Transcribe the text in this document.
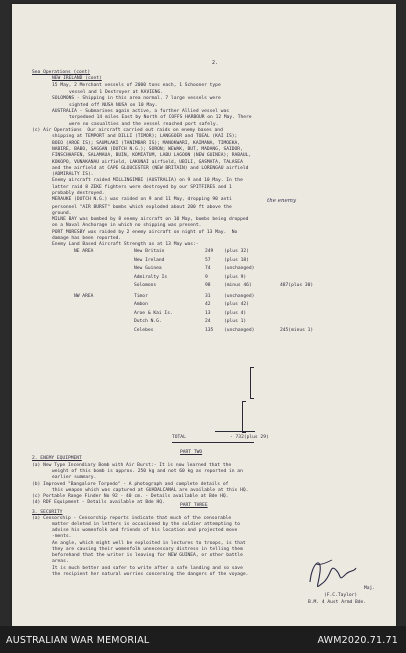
2.
Sea Operations (cont)
NEW IRELAND (cont)
15 May, 2 Merchant vessels of 2000 tons each, 1 Schooner type
vessel and 1 Destroyer at KAVIENG.
SOLOMONS - Shipping in this area normal. 7 large vessels were
sighted off NUSA NUSA on 10 May.
AUSTRALIA - Submarines again active, a further Allied vessel was
torpedoed 14 miles East by North of COFFS HARBOUR on 12 May. There
were no casualties and the vessel reached port safely.
(c) Air Operations  Our aircraft carried out raids on enemy bases and
shipping at TEMPORT and DILLI (TIMOR); LANGGOER and TOEAL (KAI IS);
BOEO (AROE IS); SAUMLAKI (TANIMBAR IS); MANOKWARI, KAIMANA, TIMOEKA,
NABIRE, BABO, SAGGAN (DUTCH N.G.); SORON; WEWAK, BUT, MADANG, SAIDOR,
FINSCHHAFEN, SALAMAUA, BUIN, KOMIATUM, LABU LAGOON (NEW GUINEA); RABAUL,
KOKOPO, VUNAKANAU airfield, LAKUNAI airfield, UBILI, GASMATA, TALASEA
and the airfield at CAPE GLOUCESTER (NEW BRITAIN) and LORENGAU airfield
(ADMIRALTY IS).
Enemy aircraft raided MILLINGIMBI (AUSTRALIA) on 9 and 10 May. In the
latter raid 8 ZEKE fighters were destroyed by our SPITFIRES and 1
probably destroyed.
MERAUKE (DUTCH N.G.) was raided on 9 and 11 May, dropping 90 anti
personnel "AIR BURST" bombs which exploded about 200 ft above the
ground.
MILNE BAY was bombed by 8 enemy aircraft on 10 May, bombs being dropped
on a Naval Anchorage in which no shipping was present.
PORT MORESBY was raided by 2 enemy aircraft on night of 13 May.  No
damage has been reported.
Enemy Land Based Aircraft Strength as at 13 May was:-
the enemy
NE AREA	New Britain	249 (plus 32)
New Ireland	57	(plus 18)
New Guinea	74	(unchanged)
Admiralty Is	9	(plus 9)
Solomons	98	(minus 46)	487(plus 30)
NW AREA	Timor	31	(unchanged)
Ambon	42	(plus 42)
Aroe & Kai Is.	13	(plus 4)
Dutch N.G.	24	(plus 1)
Celebes	135 (unchanged)	245(minus 1)
TOTAL	- 732(plus 29)
PART TWO
2. ENEMY EQUIPMENT
(a) New Type Incendiary Bomb with Air Burst:- It is now learned that the
weight of this bomb is approx. 250 kg and not 60 kg as reported in an
earlier summary.
(b) Improved "Bangalore Torpedo" - A photograph and complete details of
this weapon which was captured at GUADALCANAL are available at this HQ.
(c) Portable Range Finder No 92 - 40 cm. - Details available at Bde HQ.
(d) RDF Equipment - Details available at Bde HQ.
PART THREE
3. SECURITY
(a) Censorship - Censorship reports indicate that much of the censorable
matter deleted in letters is occasioned by the soldier attempting to
advise his womenfolk and friends of his location and projected move
-ments.
An angle, which might well be exploited in lectures to troops, is that
they are causing their womenfolk unnecessary distress in telling them
beforehand that the writer is leaving for NEW GUINEA, or other battle
areas.
It is much better and safer to write after a safe landing and so save
the recipient her natural worries concerning the dangers of the voyage.
Maj.
(F.C.Taylor)
B.M. 4 Aust Armd Bde.
AUSTRALIAN WAR MEMORIAL	AWM2020.71.71
